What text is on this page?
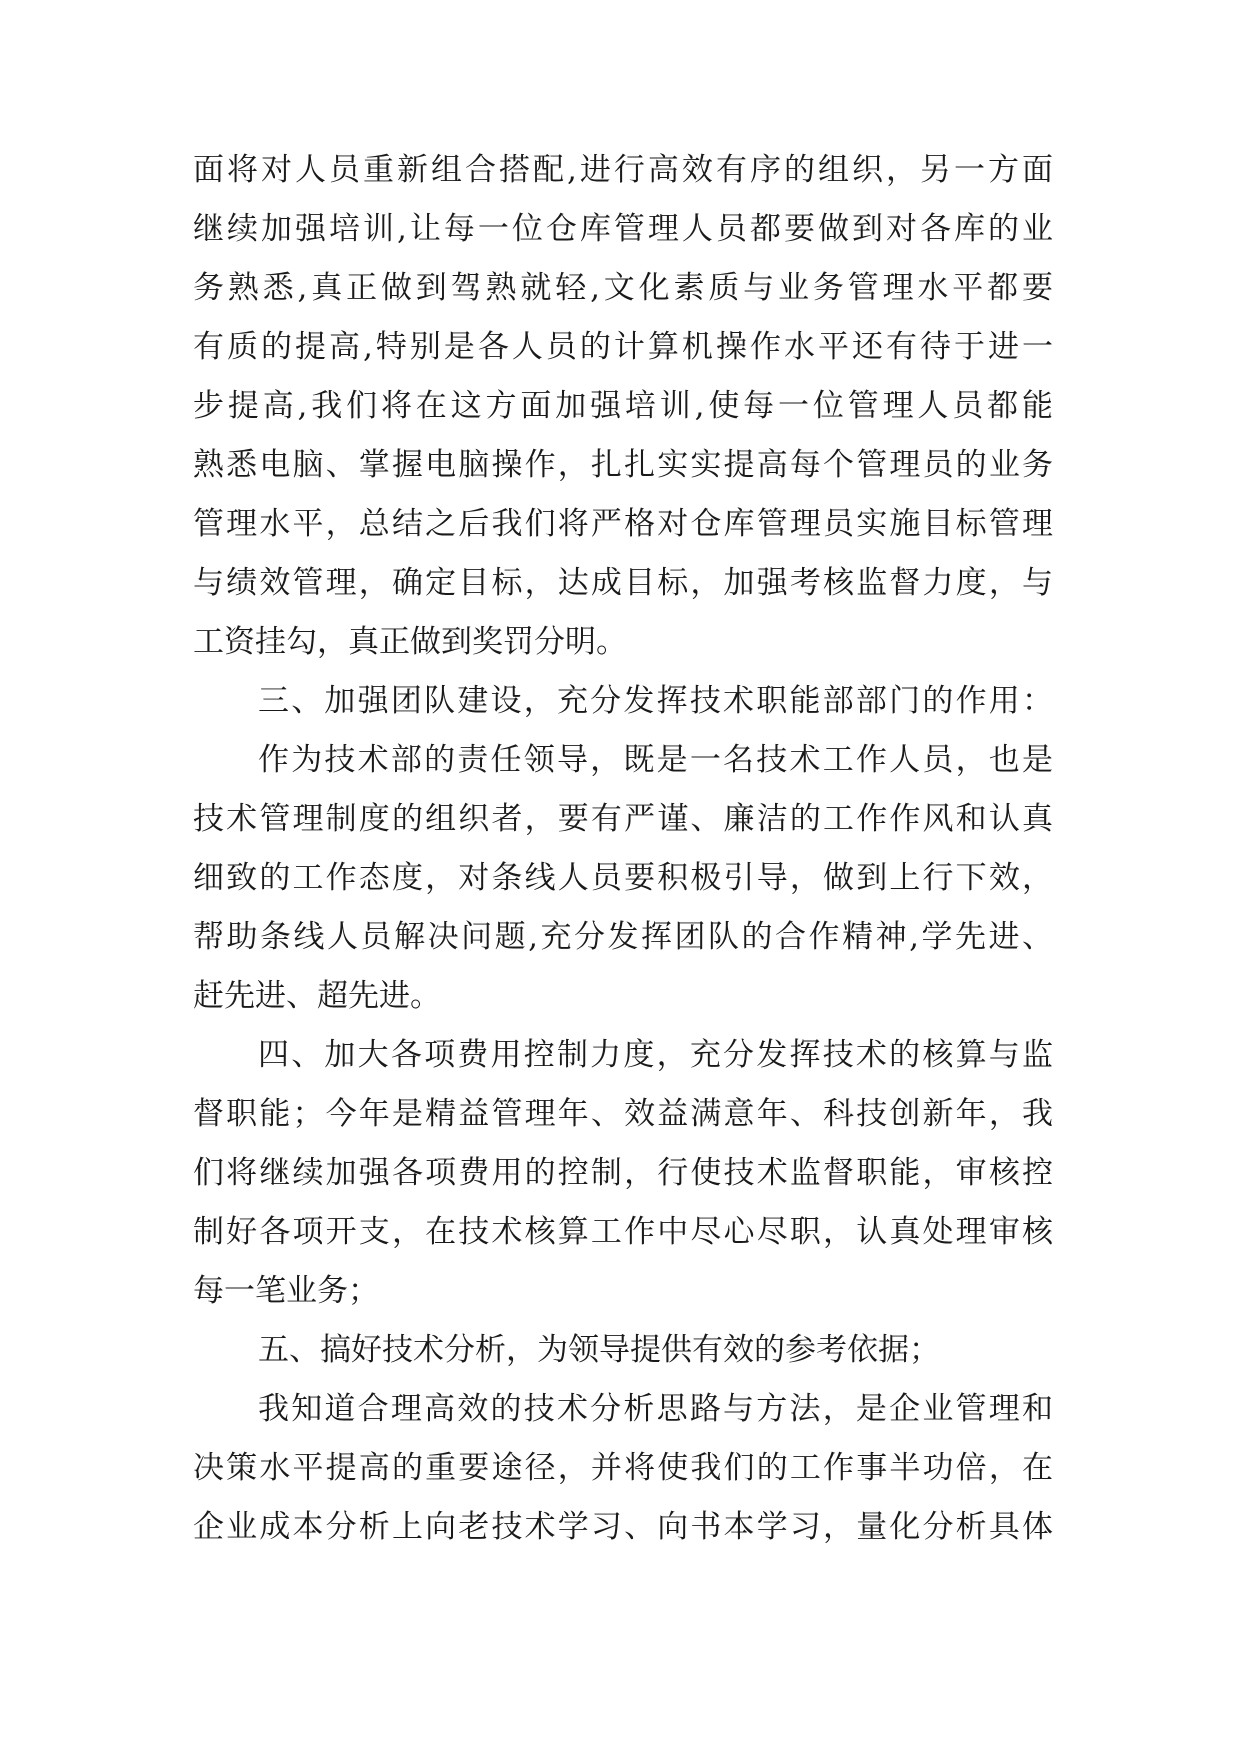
面将对人员重新组合搭配,进行高效有序的组织，另一方面
继续加强培训,让每一位仓库管理人员都要做到对各库的业
务熟悉,真正做到驾熟就轻,文化素质与业务管理水平都要
有质的提高,特别是各人员的计算机操作水平还有待于进一
步提高,我们将在这方面加强培训,使每一位管理人员都能
熟悉电脑、掌握电脑操作，扎扎实实提高每个管理员的业务
管理水平，总结之后我们将严格对仓库管理员实施目标管理
与绩效管理，确定目标，达成目标，加强考核监督力度，与
工资挂勾，真正做到奖罚分明。
三、加强团队建设，充分发挥技术职能部部门的作用：
作为技术部的责任领导，既是一名技术工作人员，也是
技术管理制度的组织者，要有严谨、廉洁的工作作风和认真
细致的工作态度，对条线人员要积极引导，做到上行下效，
帮助条线人员解决问题,充分发挥团队的合作精神,学先进、
赶先进、超先进。
四、加大各项费用控制力度，充分发挥技术的核算与监
督职能；今年是精益管理年、效益满意年、科技创新年，我
们将继续加强各项费用的控制，行使技术监督职能，审核控
制好各项开支，在技术核算工作中尽心尽职，认真处理审核
每一笔业务；
五、搞好技术分析，为领导提供有效的参考依据；
我知道合理高效的技术分析思路与方法，是企业管理和
决策水平提高的重要途径，并将使我们的工作事半功倍，在
企业成本分析上向老技术学习、向书本学习，量化分析具体
